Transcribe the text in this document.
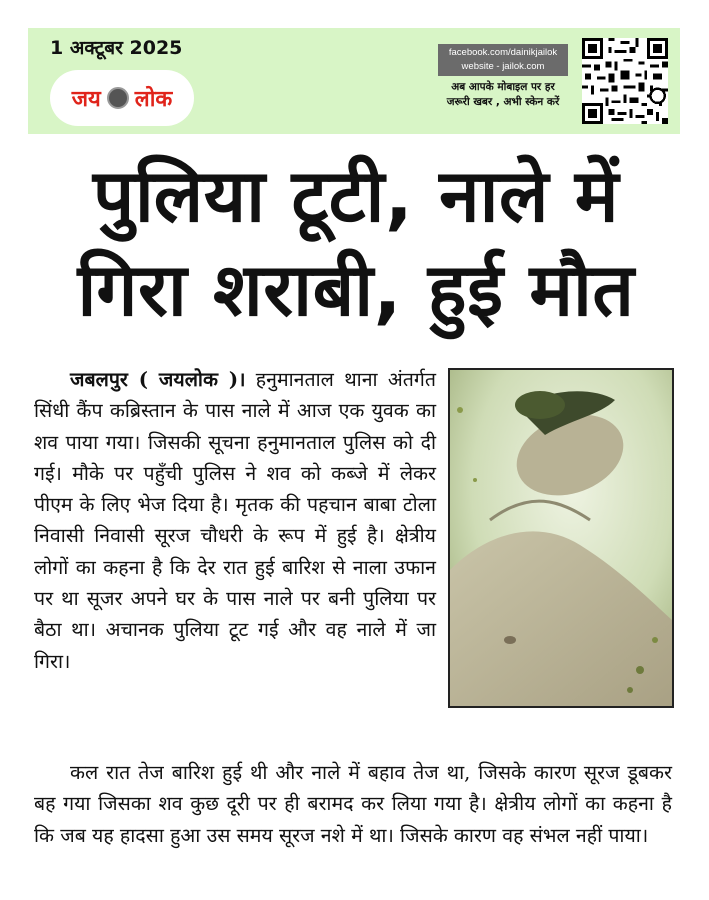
1 अक्टूबर 2025
जय लोक
facebook.com/dainikjailok
website - jailok.com
अब आपके मोबाइल पर हर
जरूरी खबर , अभी स्केन करें
पुलिया टूटी, नाले में
गिरा शराबी, हुई मौत

जबलपुर ( जयलोक )। हनुमानताल थाना अंतर्गत सिंधी कैंप कब्रिस्तान के पास नाले में आज एक युवक का शव पाया गया। जिसकी सूचना हनुमानताल पुलिस को दी गई। मौके पर पहुँची पुलिस ने शव को कब्जे में लेकर पीएम के लिए भेज दिया है। मृतक की पहचान बाबा टोला निवासी निवासी सूरज चौधरी के रूप में हुई है। क्षेत्रीय लोगों का कहना है कि देर रात हुई बारिश से नाला उफान पर था सूजर अपने घर के पास नाले पर बनी पुलिया पर बैठा था। अचानक पुलिया टूट गई और वह नाले में जा गिरा।

कल रात तेज बारिश हुई थी और नाले में बहाव तेज था, जिसके कारण सूरज डूबकर बह गया जिसका शव कुछ दूरी पर ही बरामद कर लिया गया है। क्षेत्रीय लोगों का कहना है कि जब यह हादसा हुआ उस समय सूरज नशे में था। जिसके कारण वह संभल नहीं पाया।
